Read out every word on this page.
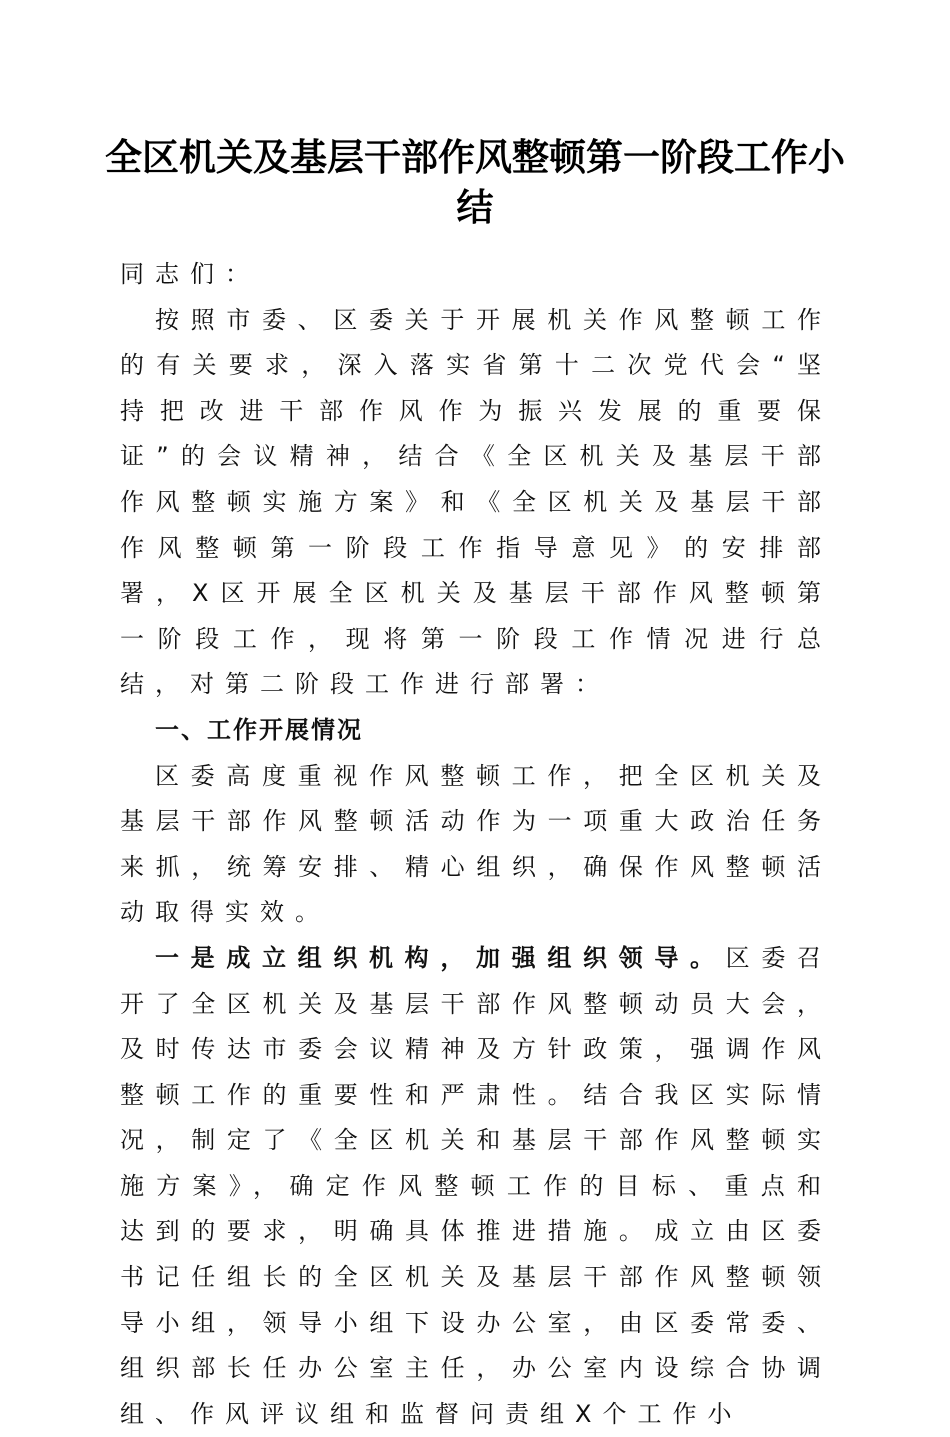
全区机关及基层干部作风整顿第一阶段工作小
结

同志们：

按照市委、区委关于开展机关作风整顿工作的有关要求，深入落实省第十二次党代会“坚持把改进干部作风作为振兴发展的重要保证”的会议精神，结合《全区机关及基层干部作风整顿实施方案》和《全区机关及基层干部作风整顿第一阶段工作指导意见》的安排部署，X区开展全区机关及基层干部作风整顿第一阶段工作，现将第一阶段工作情况进行总结，对第二阶段工作进行部署：

一、工作开展情况

区委高度重视作风整顿工作，把全区机关及基层干部作风整顿活动作为一项重大政治任务来抓，统筹安排、精心组织，确保作风整顿活动取得实效。

一是成立组织机构，加强组织领导。区委召开了全区机关及基层干部作风整顿动员大会，及时传达市委会议精神及方针政策，强调作风整顿工作的重要性和严肃性。结合我区实际情况，制定了《全区机关和基层干部作风整顿实施方案》，确定作风整顿工作的目标、重点和达到的要求，明确具体推进措施。成立由区委书记任组长的全区机关及基层干部作风整顿领导小组，领导小组下设办公室，由区委常委、组织部长任办公室主任，办公室内设综合协调组、作风评议组和监督问责组X个工作小
